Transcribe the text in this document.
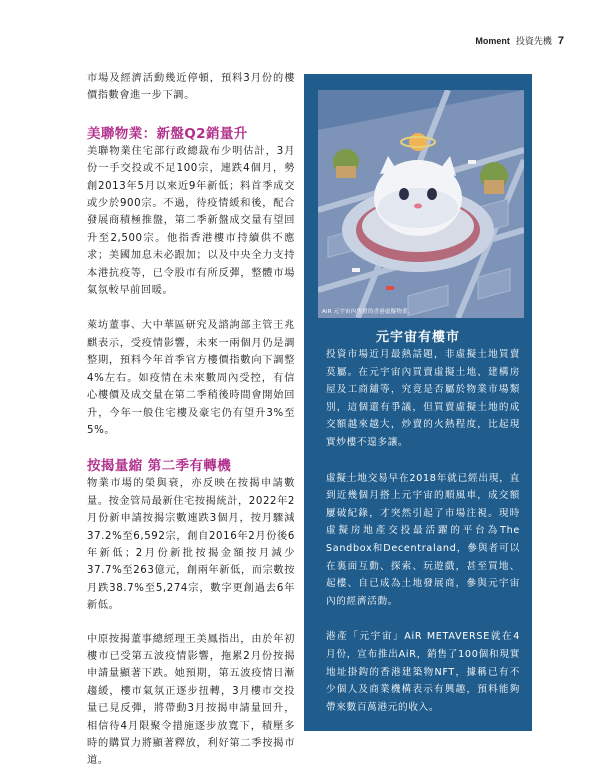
Moment 投資先機 7

市場及經濟活動幾近停頓，預料3月份的樓價指數會進一步下調。

美聯物業：新盤Q2銷量升

美聯物業住宅部行政總裁布少明估計，3月份一手交投或不足100宗，連跌4個月，勢創2013年5月以來近9年新低；料首季成交或少於900宗。不過，待疫情緩和後，配合發展商積極推盤，第二季新盤成交量有望回升至2,500宗。他指香港樓市持續供不應求；美國加息未必跟加；以及中央全力支持本港抗疫等，已令股市有所反彈，整體市場氣氛較早前回暖。

萊坊董事、大中華區研究及諮詢部主管王兆麒表示，受疫情影響，未來一兩個月仍是調整期，預料今年首季官方樓價指數向下調整4%左右。如疫情在未來數周內受控，有信心樓價及成交量在第二季稍後時間會開始回升，今年一般住宅樓及豪宅仍有望升3%至5%。

按揭量縮 第二季有轉機

物業市場的榮與衰，亦反映在按揭申請數量。按金管局最新住宅按揭統計，2022年2月份新申請按揭宗數連跌3個月，按月驟減37.2%至6,592宗，創自2016年2月份後6年新低；2月份新批按揭金額按月減少37.7%至263億元，創兩年新低，而宗數按月跌38.7%至5,274宗，數字更創過去6年新低。

中原按揭董事總經理王美鳳指出，由於年初樓市已受第五波疫情影響，拖累2月份按揭申請量顯著下跌。她預期，第五波疫情日漸趨緩，樓市氣氛正逐步扭轉，3月樓市交投量已見反彈，將帶動3月按揭申請量回升，相信待4月限聚令措施逐步放寬下，積壓多時的購買力將顯著釋放，利好第二季按揭市道。

AiR 元宇宙內售賣的香港虛擬物業。
元宇宙有樓市

投資市場近月最熱話題，非虛擬土地買賣莫屬。在元宇宙內買賣虛擬土地、建構房屋及工商舖等，究竟是否屬於物業市場類別，這個還有爭議，但買賣虛擬土地的成交額越來越大，炒賣的火熱程度，比起現實炒樓不遑多讓。

虛擬土地交易早在2018年就已經出現，直到近幾個月搭上元宇宙的順風車，成交額屢破紀錄，才突然引起了市場注視。現時虛擬房地產交投最活躍的平台為The Sandbox和Decentraland，參與者可以在裏面互動、探索、玩遊戲，甚至買地、起樓、自已成為土地發展商，參與元宇宙內的經濟活動。

港產「元宇宙」AiR METAVERSE就在4月份，宣布推出AiR，銷售了100個和現實地址掛鈎的香港建築物NFT，據稱已有不少個人及商業機構表示有興趣，預料能夠帶來數百萬港元的收入。
